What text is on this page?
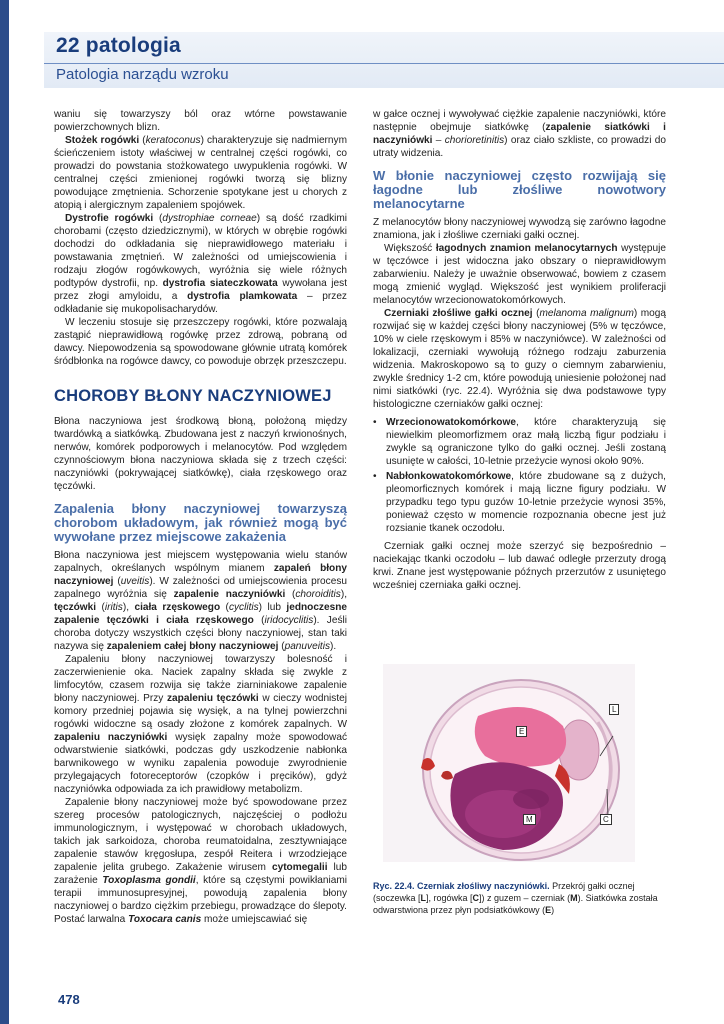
22 patologia
Patologia narządu wzroku

waniu się towarzyszy ból oraz wtórne powstawanie powierzchownych blizn.

Stożek rogówki (keratoconus) charakteryzuje się nadmiernym ścieńczeniem istoty właściwej w centralnej części rogówki, co prowadzi do powstania stożkowatego uwypuklenia rogówki. W centralnej części zmienionej rogówki tworzą się blizny powodujące zmętnienia. Schorzenie spotykane jest u chorych z atopią i alergicznym zapaleniem spojówek.

Dystrofie rogówki (dystrophiae corneae) są dość rzadkimi chorobami (często dziedzicznymi), w których w obrębie rogówki dochodzi do odkładania się nieprawidłowego materiału i powstawania zmętnień. W zależności od umiejscowienia i rodzaju złogów rogówkowych, wyróżnia się wiele różnych podtypów dystrofii, np. dystrofia siateczkowata wywołana jest przez złogi amyloidu, a dystrofia plamkowata – przez odkładanie się mukopolisacharydów.

W leczeniu stosuje się przeszczepy rogówki, które pozwalają zastąpić nieprawidłową rogówkę przez zdrową, pobraną od dawcy. Niepowodzenia są spowodowane głównie utratą komórek śródbłonka na rogówce dawcy, co powoduje obrzęk przeszczepu.

CHOROBY BŁONY NACZYNIOWEJ

Błona naczyniowa jest środkową błoną, położoną między twardówką a siatkówką. Zbudowana jest z naczyń krwionośnych, nerwów, komórek podporowych i melanocytów. Pod względem czynnościowym błona naczyniowa składa się z trzech części: naczyniówki (pokrywającej siatkówkę), ciała rzęskowego oraz tęczówki.

Zapalenia błony naczyniowej towarzyszą chorobom układowym, jak również mogą być wywołane przez miejscowe zakażenia

Błona naczyniowa jest miejscem występowania wielu stanów zapalnych, określanych wspólnym mianem zapaleń błony naczyniowej (uveitis). W zależności od umiejscowienia procesu zapalnego wyróżnia się zapalenie naczyniówki (choroiditis), tęczówki (iritis), ciała rzęskowego (cyclitis) lub jednoczesne zapalenie tęczówki i ciała rzęskowego (iridocyclitis). Jeśli choroba dotyczy wszystkich części błony naczyniowej, stan taki nazywa się zapaleniem całej błony naczyniowej (panuveitis).

Zapaleniu błony naczyniowej towarzyszy bolesność i zaczerwienienie oka. Naciek zapalny składa się zwykle z limfocytów, czasem rozwija się także ziarniniakowe zapalenie błony naczyniowej. Przy zapaleniu tęczówki w cieczy wodnistej komory przedniej pojawia się wysięk, a na tylnej powierzchni rogówki widoczne są osady złożone z komórek zapalnych. W zapaleniu naczyniówki wysięk zapalny może spowodować odwarstwienie siatkówki, podczas gdy uszkodzenie nabłonka barwnikowego w wyniku zapalenia powoduje zwyrodnienie przylegających fotoreceptorów (czopków i pręcików), gdyż naczyniówka odpowiada za ich prawidłowy metabolizm.

Zapalenie błony naczyniowej może być spowodowane przez szereg procesów patologicznych, najczęściej o podłożu immunologicznym, i występować w chorobach układowych, takich jak sarkoidoza, choroba reumatoidalna, zesztywniające zapalenie stawów kręgosłupa, zespół Reitera i wrzodziejące zapalenie jelita grubego. Zakażenie wirusem cytomegalii lub zarażenie Toxoplasma gondii, które są częstymi powikłaniami terapii immunosupresyjnej, powodują zapalenia błony naczyniowej o bardzo ciężkim przebiegu, prowadzące do ślepoty. Postać larwalna Toxocara canis może umiejscawiać się

w gałce ocznej i wywoływać ciężkie zapalenie naczyniówki, które następnie obejmuje siatkówkę (zapalenie siatkówki i naczyniówki – chorioretinitis) oraz ciało szkliste, co prowadzi do utraty widzenia.

W błonie naczyniowej często rozwijają się łagodne lub złośliwe nowotwory melanocytarne

Z melanocytów błony naczyniowej wywodzą się zarówno łagodne znamiona, jak i złośliwe czerniaki gałki ocznej.

Większość łagodnych znamion melanocytarnych występuje w tęczówce i jest widoczna jako obszary o nieprawidłowym zabarwieniu. Należy je uważnie obserwować, bowiem z czasem mogą zmienić wygląd. Większość jest wynikiem proliferacji melanocytów wrzecionowatokomórkowych.

Czerniaki złośliwe gałki ocznej (melanoma malignum) mogą rozwijać się w każdej części błony naczyniowej (5% w tęczówce, 10% w ciele rzęskowym i 85% w naczyniówce). W zależności od lokalizacji, czerniaki wywołują różnego rodzaju zaburzenia widzenia. Makroskopowo są to guzy o ciemnym zabarwieniu, zwykle średnicy 1-2 cm, które powodują uniesienie położonej nad nimi siatkówki (ryc. 22.4). Wyróżnia się dwa podstawowe typy histologiczne czerniaków gałki ocznej:

• Wrzecionowatokomórkowe, które charakteryzują się niewielkim pleomorfizmem oraz małą liczbą figur podziału i zwykle są ograniczone tylko do gałki ocznej. Jeśli zostaną usunięte w całości, 10-letnie przeżycie wynosi około 90%.
• Nabłonkowatokomórkowe, które zbudowane są z dużych, pleomorficznych komórek i mają liczne figury podziału. W przypadku tego typu guzów 10-letnie przeżycie wynosi 35%, ponieważ często w momencie rozpoznania obecne jest już rozsianie tkanek oczodołu.

Czerniak gałki ocznej może szerzyć się bezpośrednio – naciekając tkanki oczodołu – lub dawać odległe przerzuty drogą krwi. Znane jest występowanie późnych przerzutów z usuniętego wcześniej czerniaka gałki ocznej.

L
E
M	C
Ryc. 22.4. Czerniak złośliwy naczyniówki. Przekrój gałki ocznej (soczewka [L], rogówka [C]) z guzem – czerniak (M). Siatkówka została odwarstwiona przez płyn podsiatkówkowy (E)
478
